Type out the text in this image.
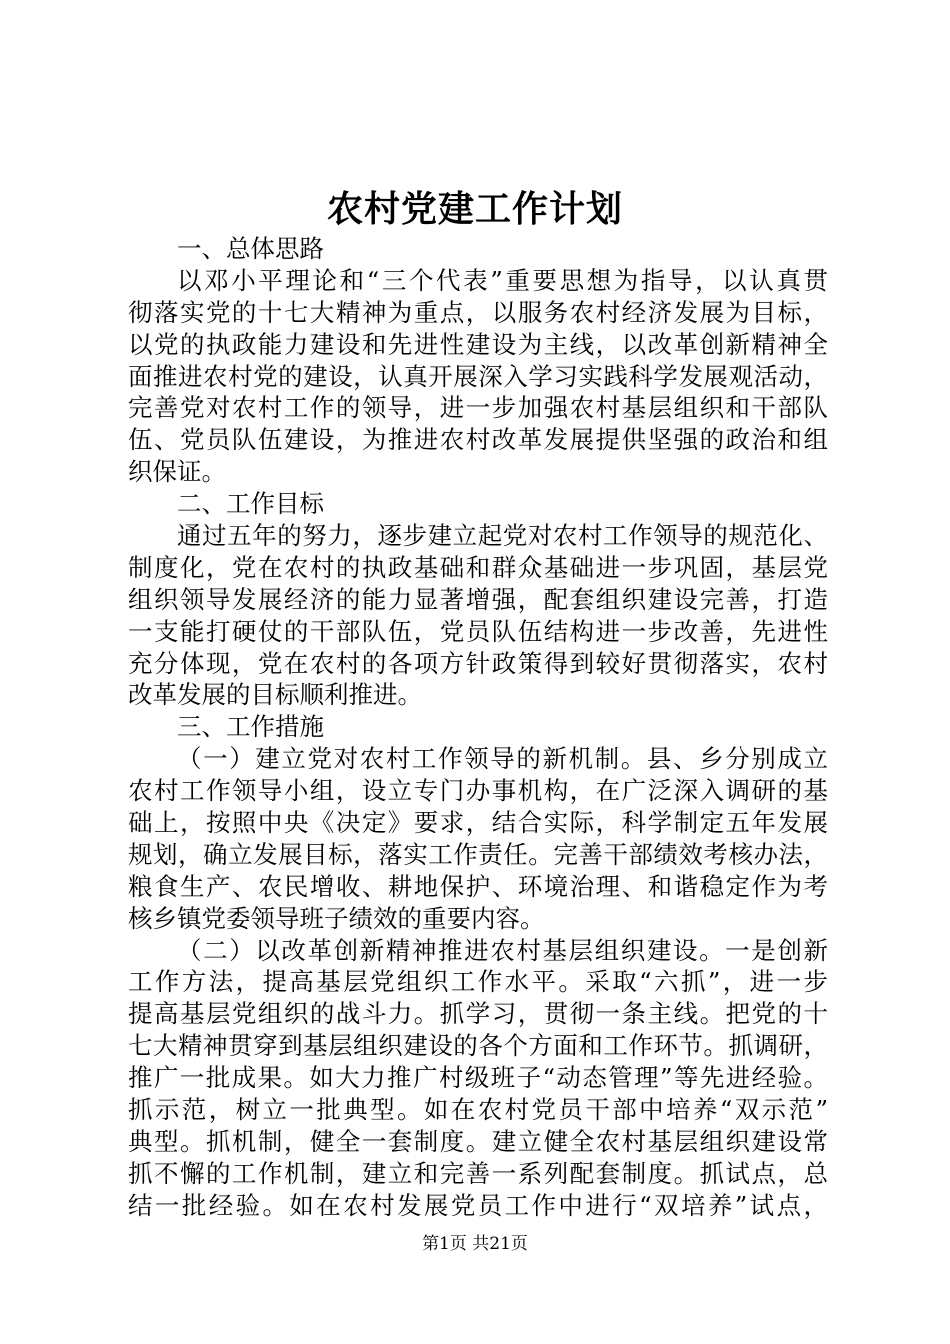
农村党建工作计划
一、总体思路
以邓小平理论和“三个代表”重要思想为指导，以认真贯
彻落实党的十七大精神为重点，以服务农村经济发展为目标，
以党的执政能力建设和先进性建设为主线，以改革创新精神全
面推进农村党的建设，认真开展深入学习实践科学发展观活动，
完善党对农村工作的领导，进一步加强农村基层组织和干部队
伍、党员队伍建设，为推进农村改革发展提供坚强的政治和组
织保证。
二、工作目标
通过五年的努力，逐步建立起党对农村工作领导的规范化、
制度化，党在农村的执政基础和群众基础进一步巩固，基层党
组织领导发展经济的能力显著增强，配套组织建设完善，打造
一支能打硬仗的干部队伍，党员队伍结构进一步改善，先进性
充分体现，党在农村的各项方针政策得到较好贯彻落实，农村
改革发展的目标顺利推进。
三、工作措施
（一）建立党对农村工作领导的新机制。县、乡分别成立
农村工作领导小组，设立专门办事机构，在广泛深入调研的基
础上，按照中央《决定》要求，结合实际，科学制定五年发展
规划，确立发展目标，落实工作责任。完善干部绩效考核办法，
粮食生产、农民增收、耕地保护、环境治理、和谐稳定作为考
核乡镇党委领导班子绩效的重要内容。
（二）以改革创新精神推进农村基层组织建设。一是创新
工作方法，提高基层党组织工作水平。采取“六抓”，进一步
提高基层党组织的战斗力。抓学习，贯彻一条主线。把党的十
七大精神贯穿到基层组织建设的各个方面和工作环节。抓调研，
推广一批成果。如大力推广村级班子“动态管理”等先进经验。
抓示范，树立一批典型。如在农村党员干部中培养“双示范”
典型。抓机制，健全一套制度。建立健全农村基层组织建设常
抓不懈的工作机制，建立和完善一系列配套制度。抓试点，总
结一批经验。如在农村发展党员工作中进行“双培养”试点，
第1页 共21页
